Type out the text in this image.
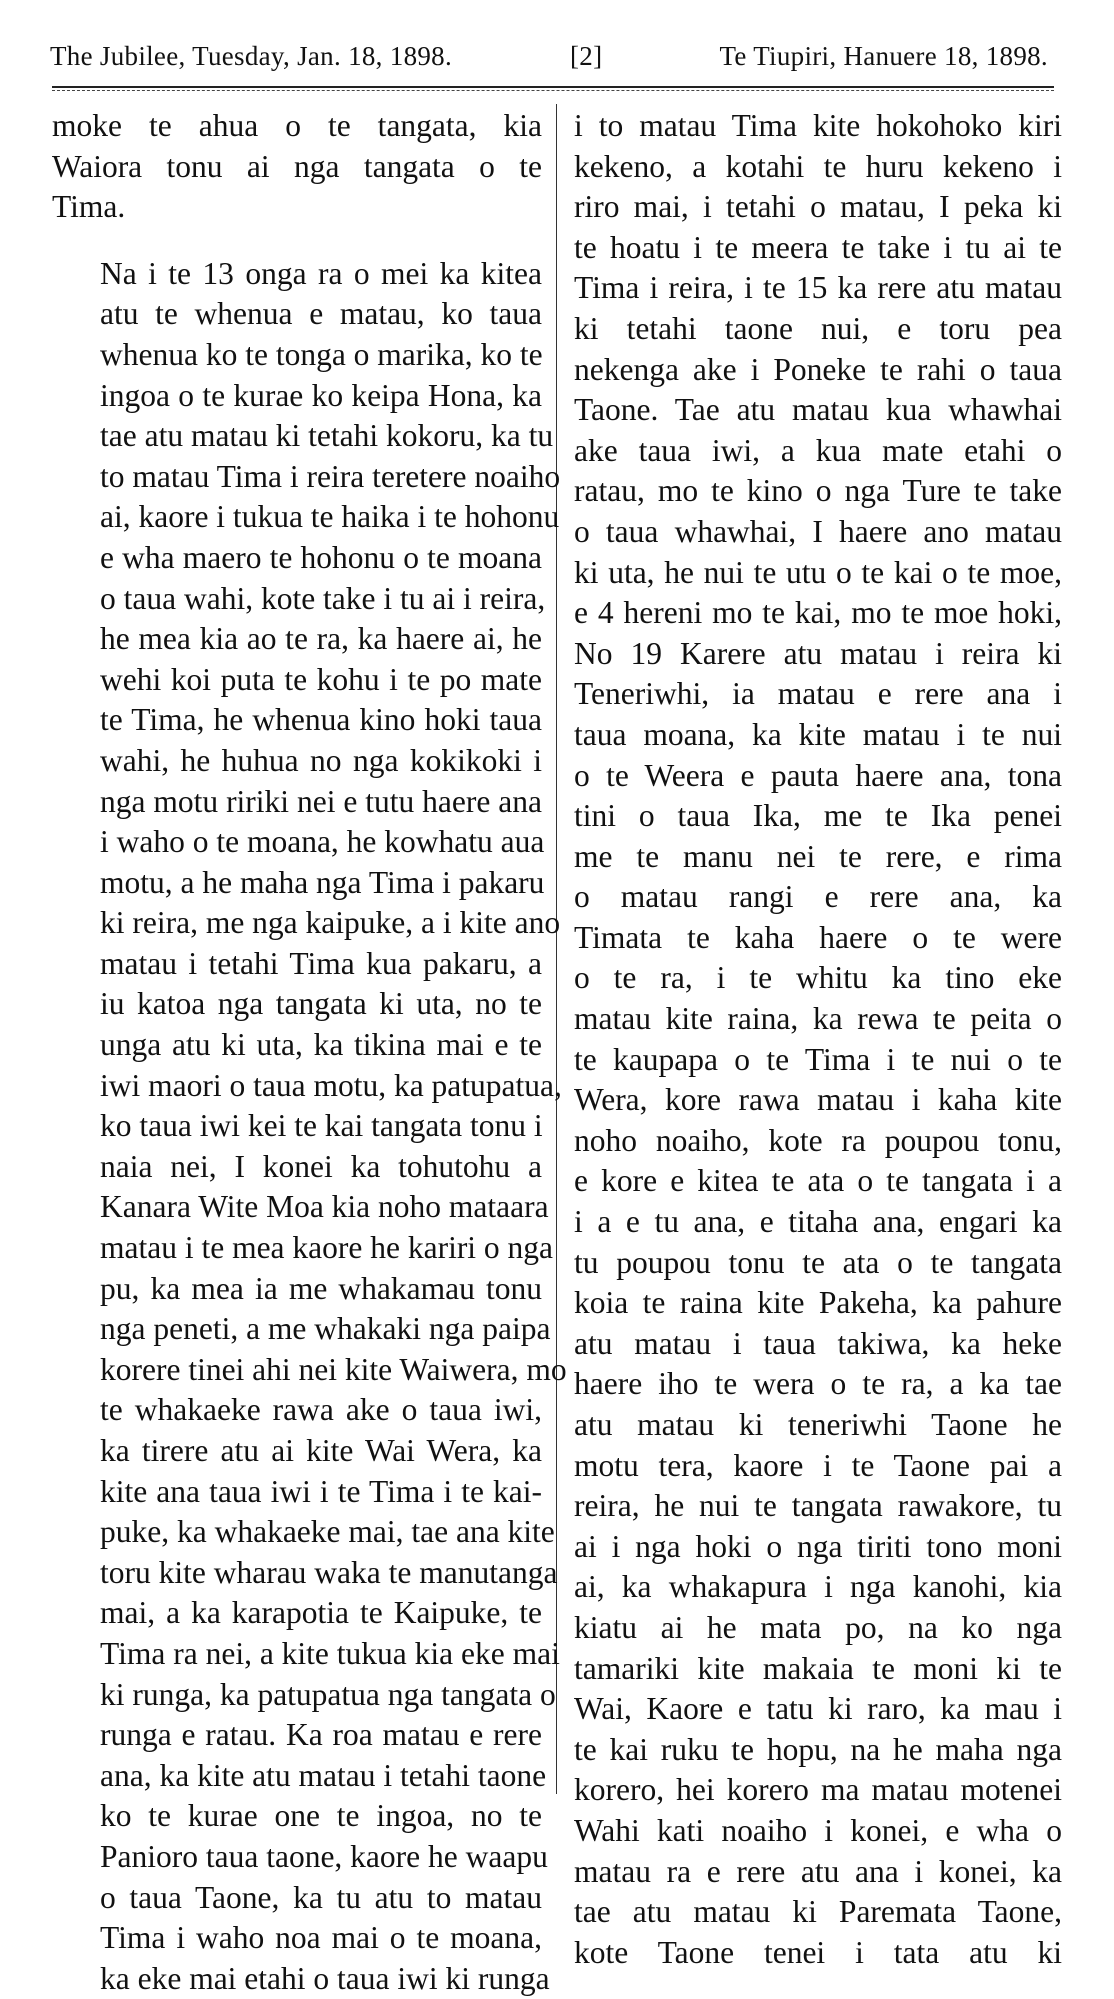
The Jubilee, Tuesday, Jan. 18, 1898.	[2]	Te Tiupiri, Hanuere 18, 1898.

moke te ahua o te tangata, kia
Waiora tonu ai nga tangata o te
Tima.

Na i te 13 onga ra o mei ka kitea
atu te whenua e matau, ko taua
whenua ko te tonga o marika, ko te
ingoa o te kurae ko keipa Hona, ka
tae atu matau ki tetahi kokoru, ka tu
to matau Tima i reira teretere noaiho
ai, kaore i tukua te haika i te hohonu
e wha maero te hohonu o te moana
o taua wahi, kote take i tu ai i reira,
he mea kia ao te ra, ka haere ai, he
wehi koi puta te kohu i te po mate
te Tima, he whenua kino hoki taua
wahi, he huhua no nga kokikoki i
nga motu ririki nei e tutu haere ana
i waho o te moana, he kowhatu aua
motu, a he maha nga Tima i pakaru
ki reira, me nga kaipuke, a i kite ano
matau i tetahi Tima kua pakaru, a
iu katoa nga tangata ki uta, no te
unga atu ki uta, ka tikina mai e te
iwi maori o taua motu, ka patupatua,
ko taua iwi kei te kai tangata tonu i
naia nei, I konei ka tohutohu a
Kanara Wite Moa kia noho mataara
matau i te mea kaore he kariri o nga
pu, ka mea ia me whakamau tonu
nga peneti, a me whakaki nga paipa
korere tinei ahi nei kite Waiwera, mo
te whakaeke rawa ake o taua iwi,
ka tirere atu ai kite Wai Wera, ka
kite ana taua iwi i te Tima i te kai-
puke, ka whakaeke mai, tae ana kite
toru kite wharau waka te manutanga
mai, a ka karapotia te Kaipuke, te
Tima ra nei, a kite tukua kia eke mai
ki runga, ka patupatua nga tangata o
runga e ratau. Ka roa matau e rere
ana, ka kite atu matau i tetahi taone
ko te kurae one te ingoa, no te
Panioro taua taone, kaore he waapu
o taua Taone, ka tu atu to matau
Tima i waho noa mai o te moana,
ka eke mai etahi o taua iwi ki runga

i to matau Tima kite hokohoko kiri
kekeno, a kotahi te huru kekeno i
riro mai, i tetahi o matau, I peka ki
te hoatu i te meera te take i tu ai te
Tima i reira, i te 15 ka rere atu matau
ki tetahi taone nui, e toru pea
nekenga ake i Poneke te rahi o taua
Taone. Tae atu matau kua whawhai
ake taua iwi, a kua mate etahi o
ratau, mo te kino o nga Ture te take
o taua whawhai, I haere ano matau
ki uta, he nui te utu o te kai o te moe,
e 4 hereni mo te kai, mo te moe hoki,
No 19 Karere atu matau i reira ki
Teneriwhi, ia matau e rere ana i
taua moana, ka kite matau i te nui
o te Weera e pauta haere ana, tona
tini o taua Ika, me te Ika penei
me te manu nei te rere, e rima
o matau rangi e rere ana, ka
Timata te kaha haere o te were
o te ra, i te whitu ka tino eke
matau kite raina, ka rewa te peita o
te kaupapa o te Tima i te nui o te
Wera, kore rawa matau i kaha kite
noho noaiho, kote ra poupou tonu,
e kore e kitea te ata o te tangata i a
i a e tu ana, e titaha ana, engari ka
tu poupou tonu te ata o te tangata
koia te raina kite Pakeha, ka pahure
atu matau i taua takiwa, ka heke
haere iho te wera o te ra, a ka tae
atu matau ki teneriwhi Taone he
motu tera, kaore i te Taone pai a
reira, he nui te tangata rawakore, tu
ai i nga hoki o nga tiriti tono moni
ai, ka whakapura i nga kanohi, kia
kiatu ai he mata po, na ko nga
tamariki kite makaia te moni ki te
Wai, Kaore e tatu ki raro, ka mau i
te kai ruku te hopu, na he maha nga
korero, hei korero ma matau motenei
Wahi kati noaiho i konei, e wha o
matau ra e rere atu ana i konei, ka
tae atu matau ki Paremata Taone,
kote Taone tenei i tata atu ki
